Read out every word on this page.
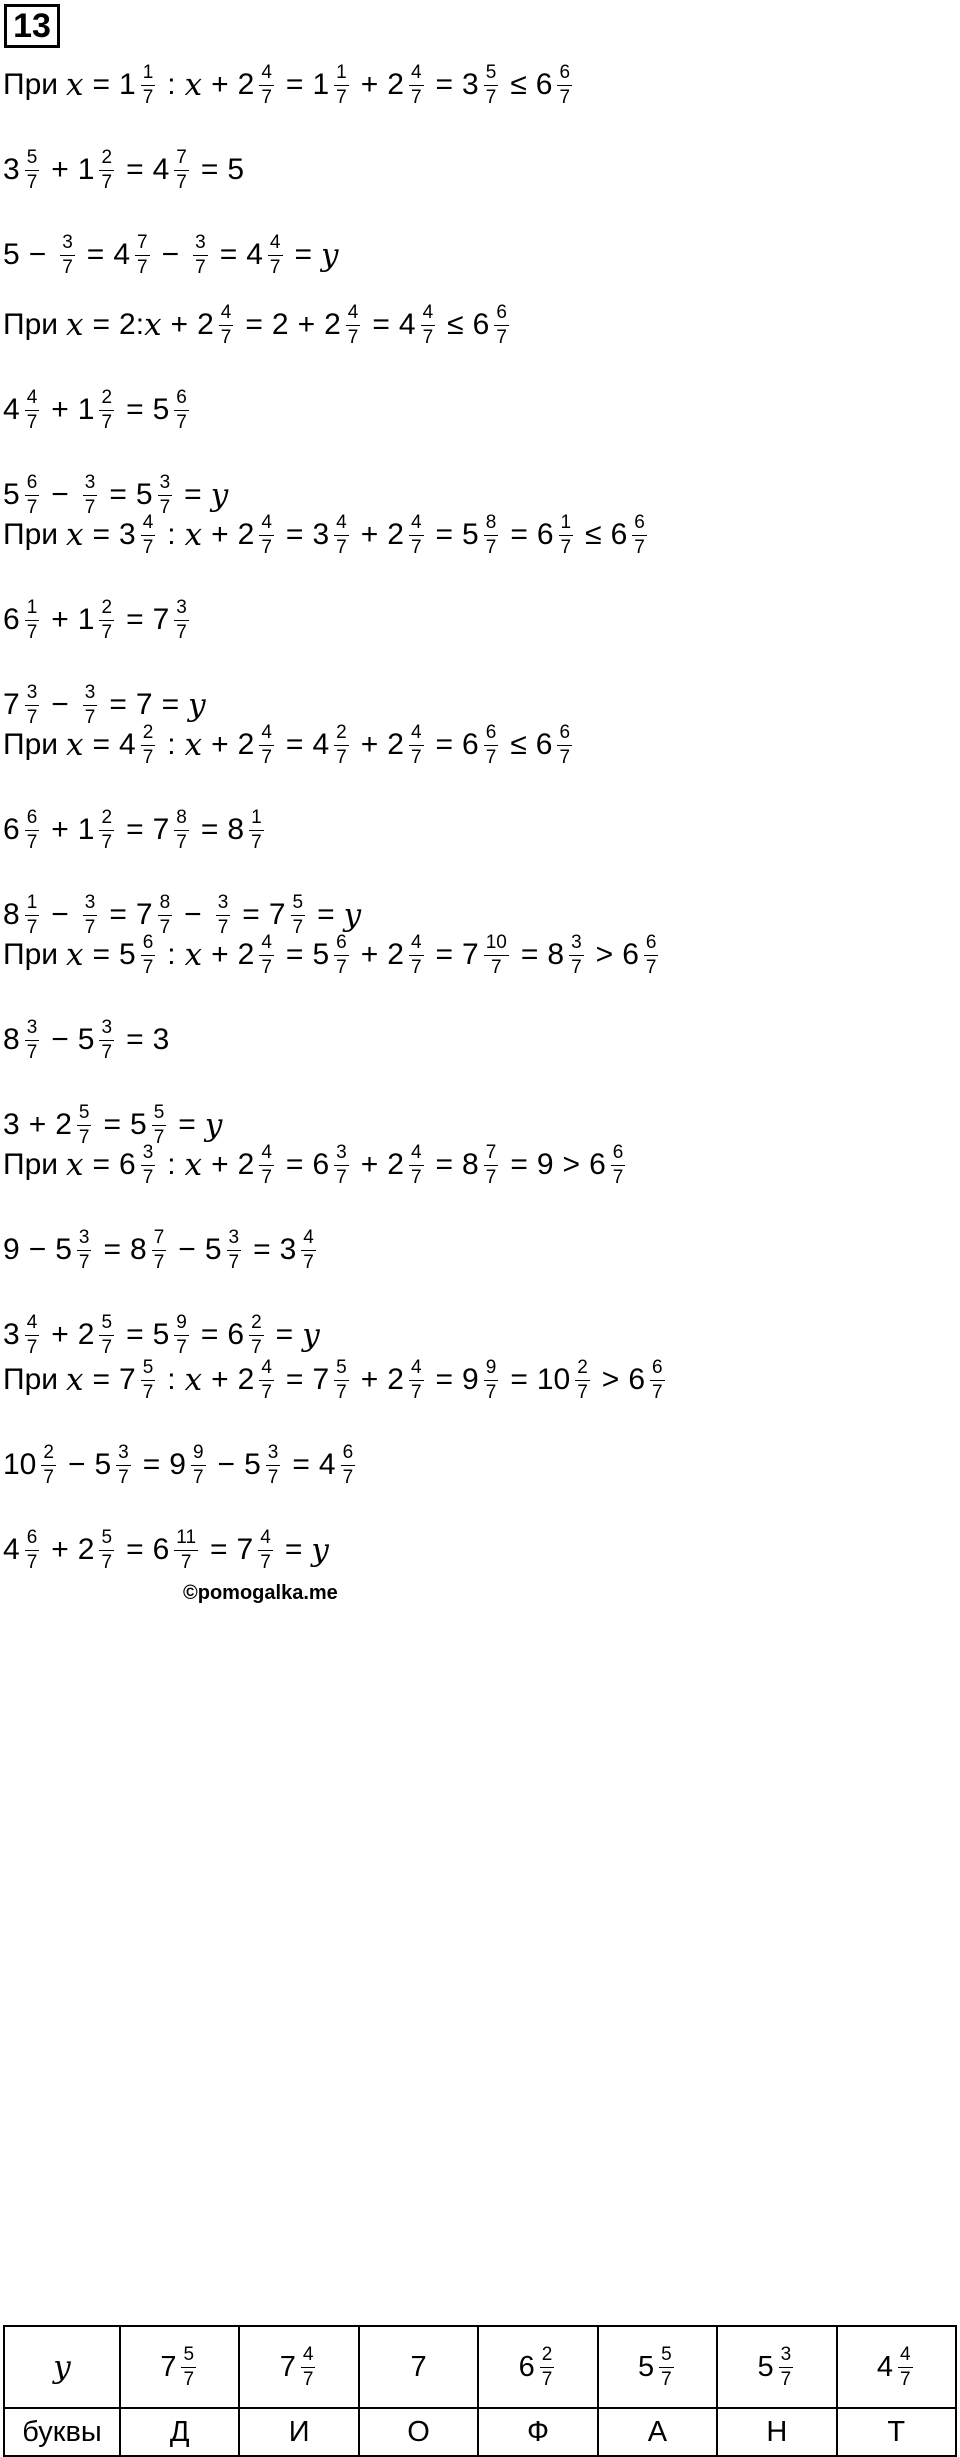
13
При $x = 1 \frac{1}{7}$ : $x + 2 \frac{4}{7} = 1 \frac{1}{7} + 2 \frac{4}{7} = 3 \frac{5}{7} \le 6 \frac{6}{7}$
$3 \frac{5}{7} + 1 \frac{2}{7} = 4 \frac{7}{7} = 5$
$5 - \frac{3}{7} = 4 \frac{7}{7} - \frac{3}{7} = 4 \frac{4}{7} = y$
При x = 2: $x + 2 \frac{4}{7} = 2 + 2 \frac{4}{7} = 4 \frac{4}{7} \le 6 \frac{6}{7}$
$4 \frac{4}{7} + 1 \frac{2}{7} = 5 \frac{6}{7}$
$5 \frac{6}{7} - \frac{3}{7} = 5 \frac{3}{7} = y$
При $x = 3 \frac{4}{7}$ : $x + 2 \frac{4}{7} = 3 \frac{4}{7} + 2 \frac{4}{7} = 5 \frac{8}{7} = 6 \frac{1}{7} \le 6 \frac{6}{7}$
$6 \frac{1}{7} + 1 \frac{2}{7} = 7 \frac{3}{7}$
$7 \frac{3}{7} - \frac{3}{7} = 7 = y$
При $x = 4 \frac{2}{7}$ : $x + 2 \frac{4}{7} = 4 \frac{2}{7} + 2 \frac{4}{7} = 6 \frac{6}{7} \le 6 \frac{6}{7}$
$6 \frac{6}{7} + 1 \frac{2}{7} = 7 \frac{8}{7} = 8 \frac{1}{7}$
$8 \frac{1}{7} - \frac{3}{7} = 7 \frac{8}{7} - \frac{3}{7} = 7 \frac{5}{7} = y$
При $x = 5 \frac{6}{7}$ : $x + 2 \frac{4}{7} = 5 \frac{6}{7} + 2 \frac{4}{7} = 7 \frac{10}{7} = 8 \frac{3}{7} > 6 \frac{6}{7}$
$8 \frac{3}{7} - 5 \frac{3}{7} = 3$
$3 + 2 \frac{5}{7} = 5 \frac{5}{7} = y$
При $x = 6 \frac{3}{7}$ : $x + 2 \frac{4}{7} = 6 \frac{3}{7} + 2 \frac{4}{7} = 8 \frac{7}{7} = 9 > 6 \frac{6}{7}$
$9 - 5 \frac{3}{7} = 8 \frac{7}{7} - 5 \frac{3}{7} = 3 \frac{4}{7}$
$3 \frac{4}{7} + 2 \frac{5}{7} = 5 \frac{9}{7} = 6 \frac{2}{7} = y$
При $x = 7 \frac{5}{7}$ : $x + 2 \frac{4}{7} = 7 \frac{5}{7} + 2 \frac{4}{7} = 9 \frac{9}{7} = 10 \frac{2}{7} > 6 \frac{6}{7}$
$10 \frac{2}{7} - 5 \frac{3}{7} = 9 \frac{9}{7} - 5 \frac{3}{7} = 4 \frac{6}{7}$
$4 \frac{6}{7} + 2 \frac{5}{7} = 6 \frac{11}{7} = 7 \frac{4}{7} = y$
©pomogalka.me
y	$7 \frac{5}{7}$	$7 \frac{4}{7}$	7	$6 \frac{2}{7}$	$5 \frac{5}{7}$	$5 \frac{3}{7}$	$4 \frac{4}{7}$

буквы	Д	И	О	Ф	А	Н	Т
